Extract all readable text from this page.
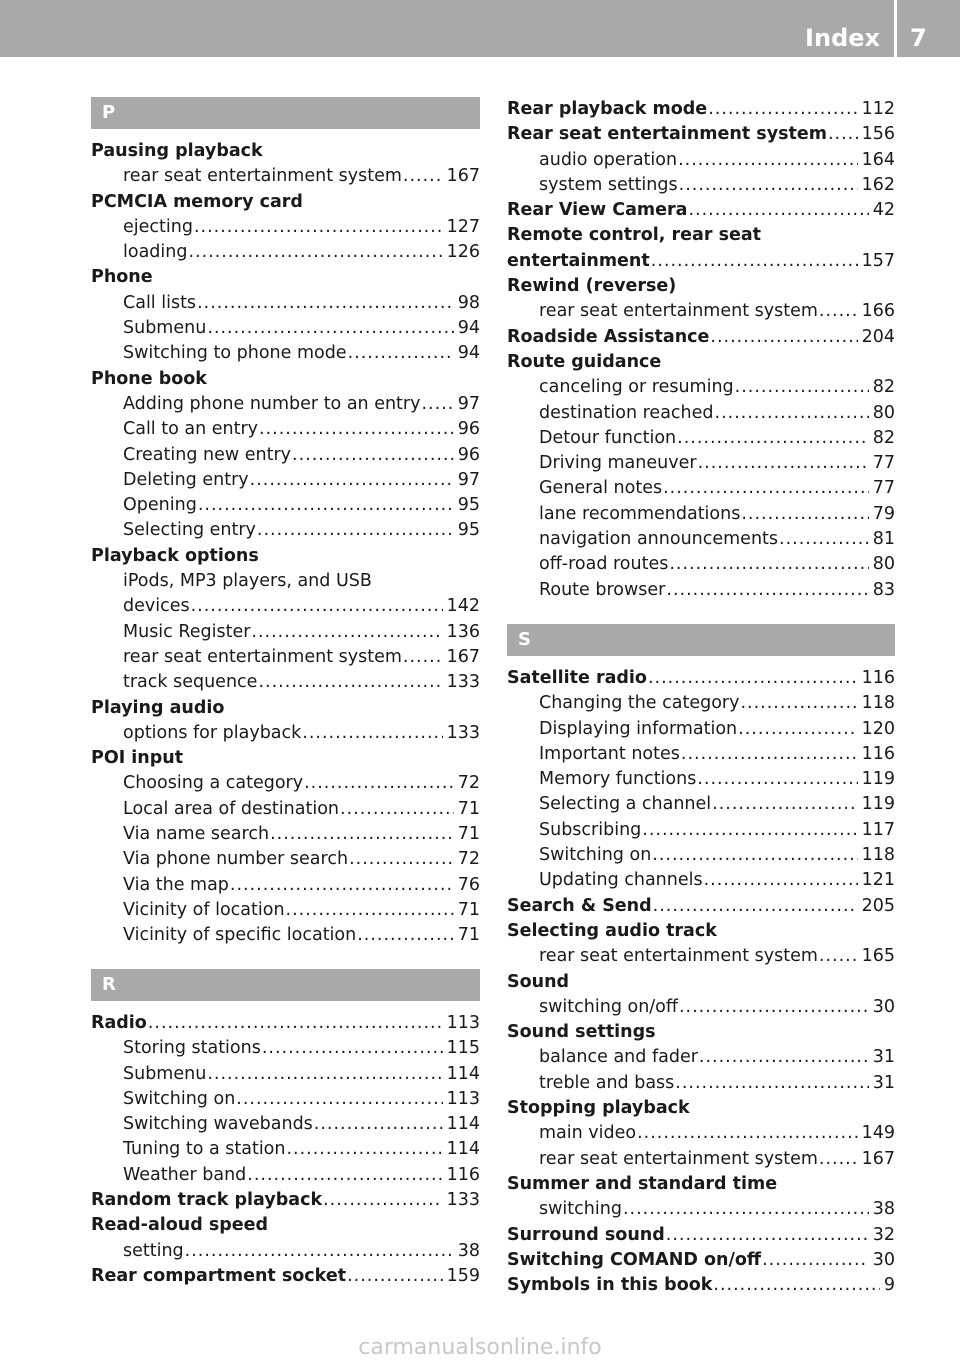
Index 7
P
Pausing playback
rear seat entertainment system .....	167
PCMCIA memory card
ejecting .....	127
loading .....	126
Phone
Call lists .....	98
Submenu .....	94
Switching to phone mode .....	94
Phone book
Adding phone number to an entry ..... 97
Call to an entry .....	96
Creating new entry .....	96
Deleting entry .....	97
Opening .....	95
Selecting entry .....	95
Playback options
iPods, MP3 players, and USB
devices .....	142
Music Register .....	136
rear seat entertainment system .....	167
track sequence .....	133
Playing audio
options for playback .....	133
POI input
Choosing a category .....	72
Local area of destination .....	71
Via name search .....	71
Via phone number search .....	72
Via the map .....	76
Vicinity of location .....	71
Vicinity of specific location .....	71
R
Radio .....	113
Storing stations .....	115
Submenu .....	114
Switching on .....	113
Switching wavebands .....	114
Tuning to a station .....	114
Weather band .....	116
Random track playback .....	133
Read-aloud speed
setting .....	38
Rear compartment socket .....	159
Rear playback mode .....	112
Rear seat entertainment system ..... 156
audio operation .....	164
system settings .....	162
Rear View Camera .....	42
Remote control, rear seat
entertainment .....	157
Rewind (reverse)
rear seat entertainment system ..... 166
Roadside Assistance .....	204
Route guidance
canceling or resuming .....	82
destination reached .....	80
Detour function .....	82
Driving maneuver .....	77
General notes .....	77
lane recommendations .....	79
navigation announcements .....	81
off-road routes .....	80
Route browser .....	83
S
Satellite radio .....	116
Changing the category .....	118
Displaying information .....	120
Important notes .....	116
Memory functions .....	119
Selecting a channel .....	119
Subscribing .....	117
Switching on .....	118
Updating channels .....	121
Search & Send .....	205
Selecting audio track
rear seat entertainment system ..... 165
Sound
switching on/off .....	30
Sound settings
balance and fader .....	31
treble and bass .....	31
Stopping playback
main video .....	149
rear seat entertainment system ..... 167
Summer and standard time
switching .....	38
Surround sound .....	32
Switching COMAND on/off .....	30
Symbols in this book .....	9
carmanualsonline.info
